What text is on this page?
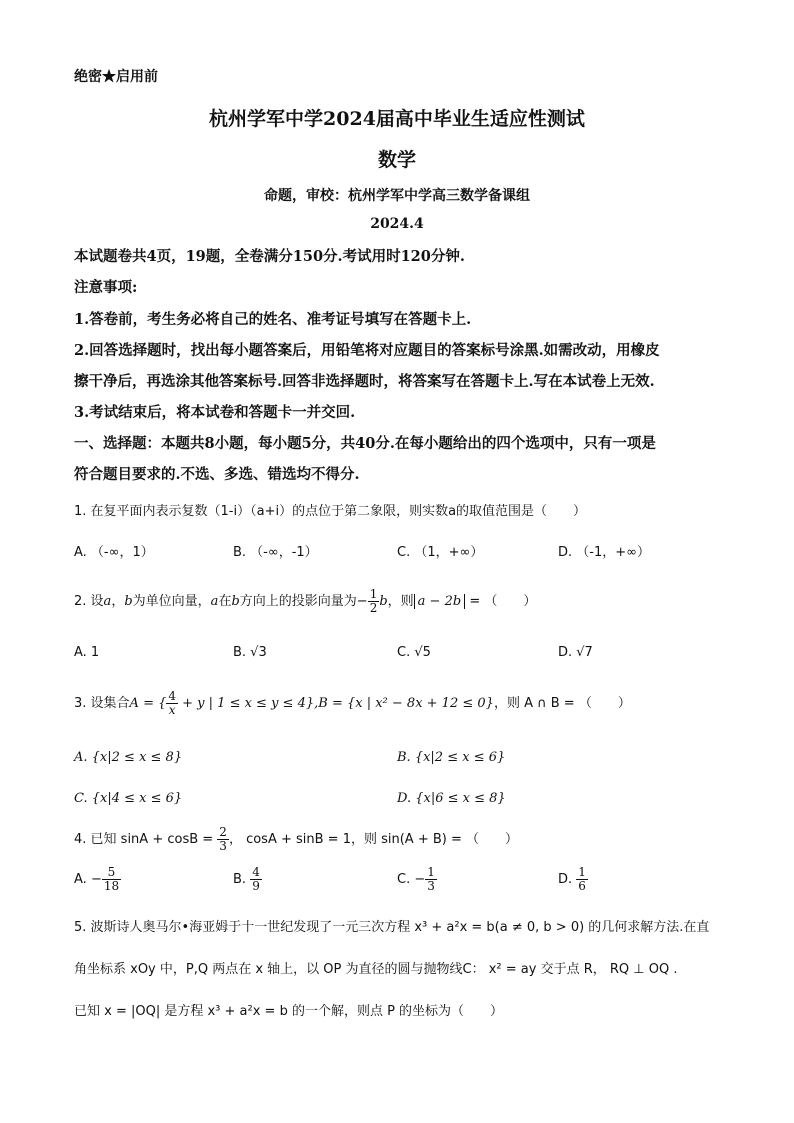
绝密★启用前
杭州学军中学2024届高中毕业生适应性测试
数学
命题，审校：杭州学军中学高三数学备课组
2024.4
本试题卷共4页，19题，全卷满分150分.考试用时120分钟.
注意事项:
1.答卷前，考生务必将自己的姓名、准考证号填写在答题卡上.
2.回答选择题时，找出每小题答案后，用铅笔将对应题目的答案标号涂黑.如需改动，用橡皮
擦干净后，再选涂其他答案标号.回答非选择题时，将答案写在答题卡上.写在本试卷上无效.
3.考试结束后，将本试卷和答题卡一并交回.
一、选择题：本题共8小题，每小题5分，共40分.在每小题给出的四个选项中，只有一项是
符合题目要求的.不选、多选、错选均不得分.
1. 在复平面内表示复数（1-i）（a+i）的点位于第二象限，则实数a的取值范围是（　　）
A. （-∞，1）	B. （-∞，-1）	C. （1，+∞）	D. （-1，+∞）
2. 设a，b为单位向量，a在b方向上的投影向量为− $\frac{1}{2}$ b，则 a − 2b = （　　）
A. 1	B. √3	C. √5	D. √7
3. 设集合A = { $\frac{4}{x} + y$ | 1 ≤ x ≤ y ≤ 4},B = {x | x² − 8x + 12 ≤ 0}，则 A ∩ B = （　　）
A. {x|2 ≤ x ≤ 8}	B. {x|2 ≤ x ≤ 6}
C. {x|4 ≤ x ≤ 6}	D. {x|6 ≤ x ≤ 8}
4. 已知 $\sin A + \cos B = \frac{2}{3}$ ， cosA + sinB = 1，则 sin(A + B) = （　　）
A. − $\frac{5}{18}$	B. $\frac{4}{9}$	C. − $\frac{1}{3}$	D. $\frac{1}{6}$
5. 波斯诗人奥马尔•海亚姆于十一世纪发现了一元三次方程 x³ + a²x = b(a ≠ 0, b > 0) 的几何求解方法.在直
角坐标系 xOy 中，P,Q 两点在 x 轴上，以 OP 为直径的圆与抛物线C： x² = ay 交于点 R， RQ ⊥ OQ .
已知 x = |OQ| 是方程 x³ + a²x = b 的一个解，则点 P 的坐标为（　　）
